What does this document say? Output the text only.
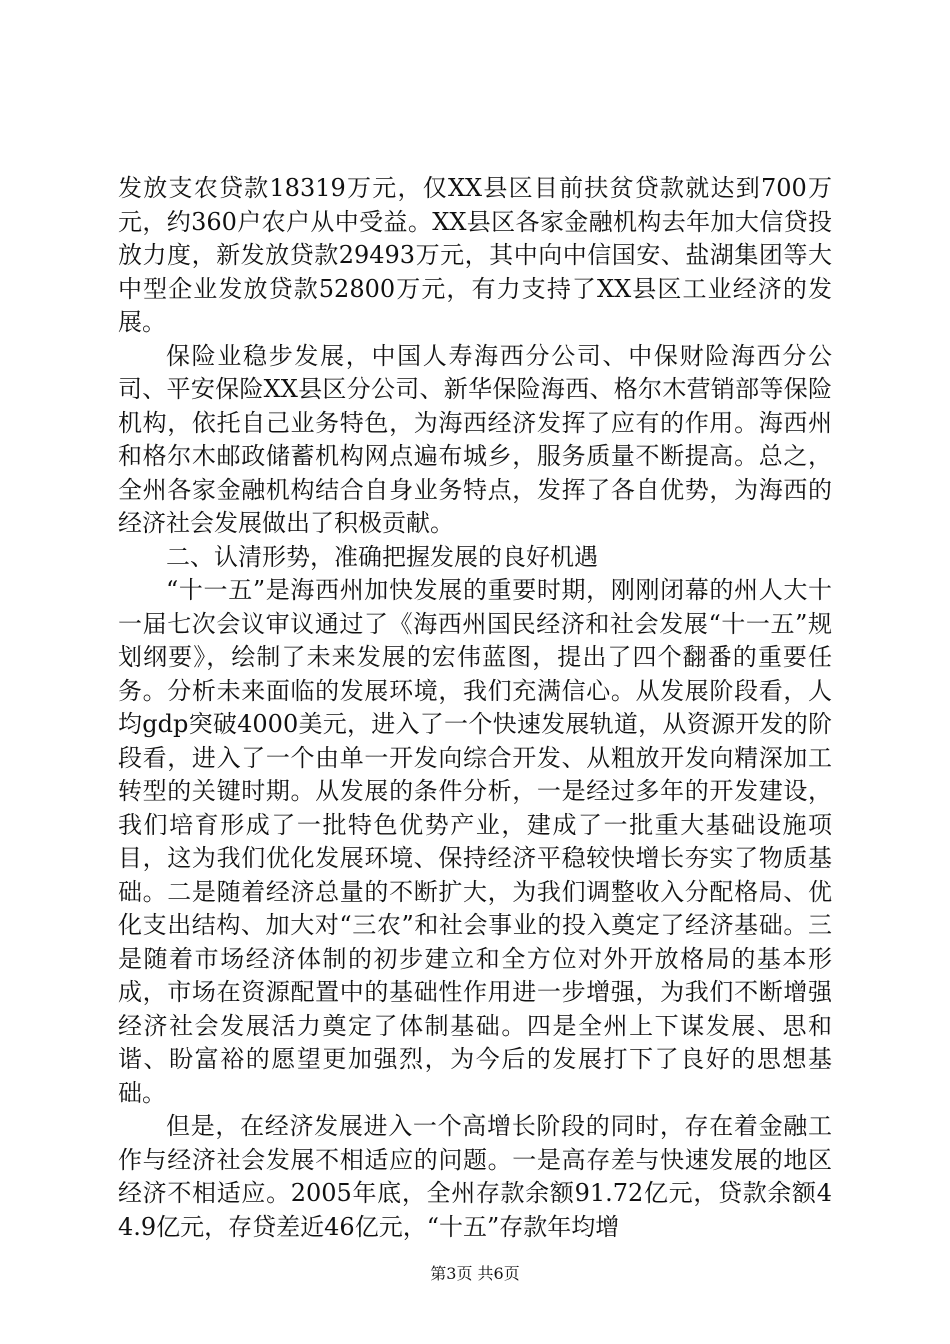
发放支农贷款18319万元，仅XX县区目前扶贫贷款就达到700万元，约360户农户从中受益。XX县区各家金融机构去年加大信贷投放力度，新发放贷款29493万元，其中向中信国安、盐湖集团等大中型企业发放贷款52800万元，有力支持了XX县区工业经济的发展。

保险业稳步发展，中国人寿海西分公司、中保财险海西分公司、平安保险XX县区分公司、新华保险海西、格尔木营销部等保险机构，依托自己业务特色，为海西经济发挥了应有的作用。海西州和格尔木邮政储蓄机构网点遍布城乡，服务质量不断提高。总之，全州各家金融机构结合自身业务特点，发挥了各自优势，为海西的经济社会发展做出了积极贡献。

二、认清形势，准确把握发展的良好机遇

“十一五”是海西州加快发展的重要时期，刚刚闭幕的州人大十一届七次会议审议通过了《海西州国民经济和社会发展“十一五”规划纲要》，绘制了未来发展的宏伟蓝图，提出了四个翻番的重要任务。分析未来面临的发展环境，我们充满信心。从发展阶段看，人均gdp突破4000美元，进入了一个快速发展轨道，从资源开发的阶段看，进入了一个由单一开发向综合开发、从粗放开发向精深加工转型的关键时期。从发展的条件分析，一是经过多年的开发建设，我们培育形成了一批特色优势产业，建成了一批重大基础设施项目，这为我们优化发展环境、保持经济平稳较快增长夯实了物质基础。二是随着经济总量的不断扩大，为我们调整收入分配格局、优化支出结构、加大对“三农”和社会事业的投入奠定了经济基础。三是随着市场经济体制的初步建立和全方位对外开放格局的基本形成，市场在资源配置中的基础性作用进一步增强，为我们不断增强经济社会发展活力奠定了体制基础。四是全州上下谋发展、思和谐、盼富裕的愿望更加强烈，为今后的发展打下了良好的思想基础。

但是，在经济发展进入一个高增长阶段的同时，存在着金融工作与经济社会发展不相适应的问题。一是高存差与快速发展的地区经济不相适应。2005年底，全州存款余额91.72亿元，贷款余额44.9亿元，存贷差近46亿元，“十五”存款年均增

第3页 共6页
